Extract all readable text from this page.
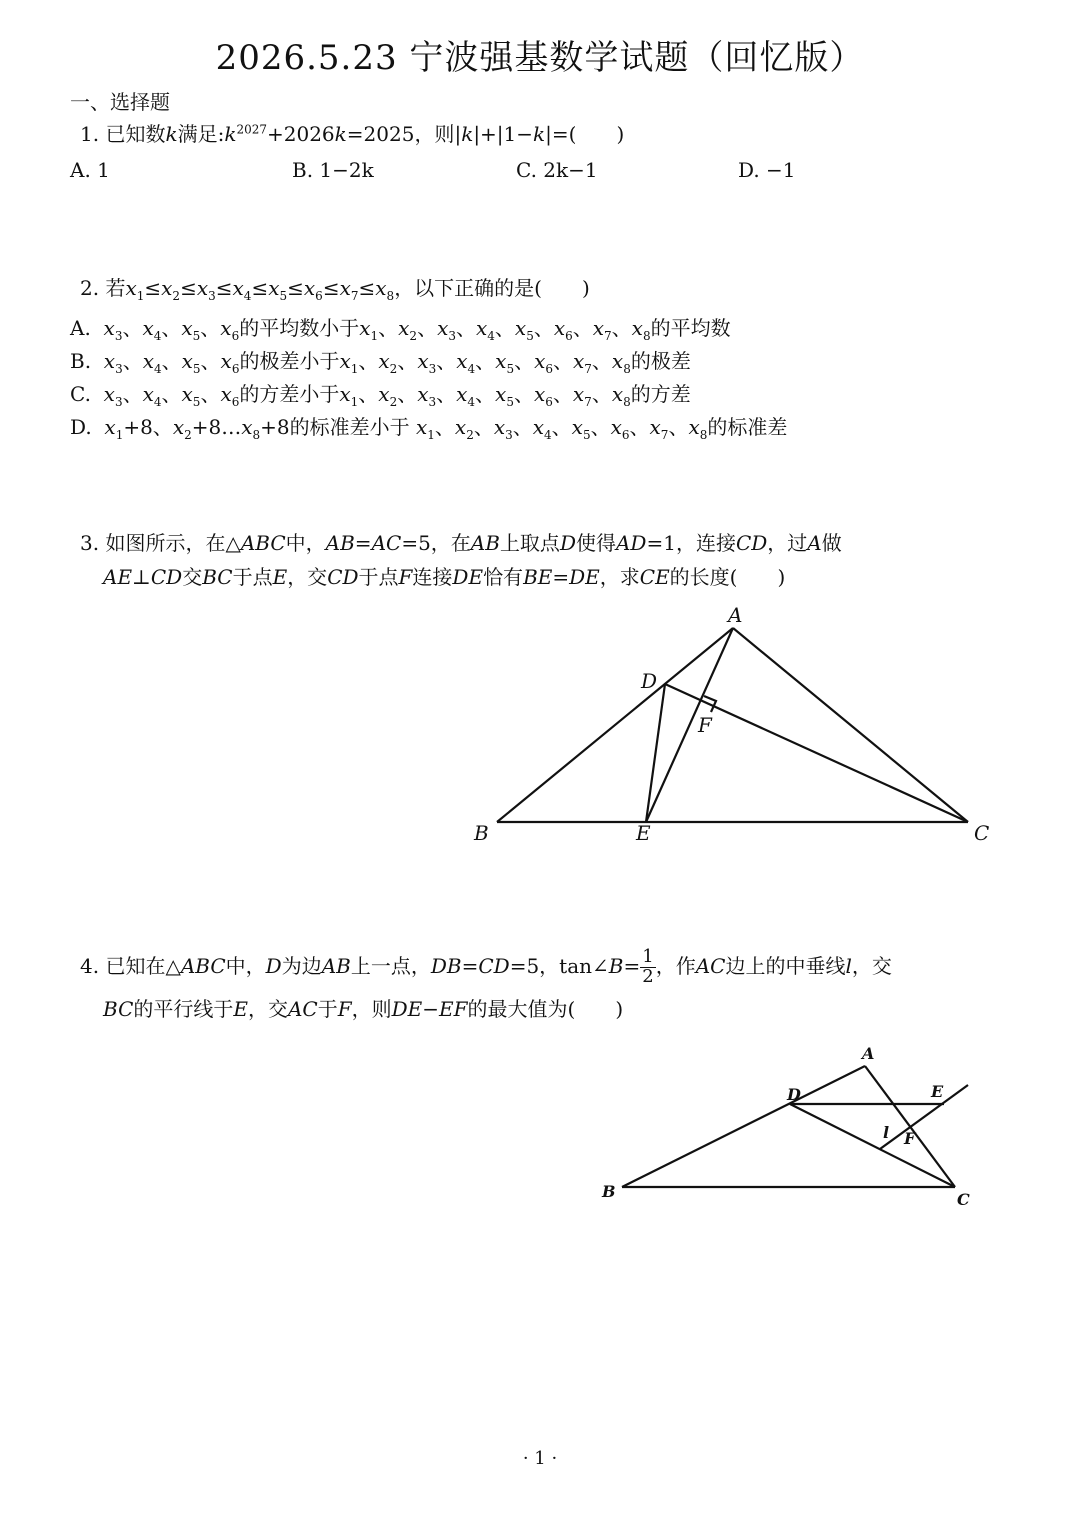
2026.5.23 宁波强基数学试题（回忆版）
一、选择题
1. 已知数k满足$:k^{2027}+2026k=2025$，则|k|+|1−k|=(　　)
A. 1	B. 1−2k	C. 2k−1	D. −1
2. 若$x_1\le x_2\le x_3\le x_4\le x_5\le x_6\le x_7\le x_8$，以下正确的是(　　)
A. $x_3$、$x_4$、$x_5$、$x_6$的平均数小于$x_1$、$x_2$、$x_3$、$x_4$、$x_5$、$x_6$、$x_7$、$x_8$的平均数
B. $x_3$、$x_4$、$x_5$、$x_6$的极差小于$x_1$、$x_2$、$x_3$、$x_4$、$x_5$、$x_6$、$x_7$、$x_8$的极差
C. $x_3$、$x_4$、$x_5$、$x_6$的方差小于$x_1$、$x_2$、$x_3$、$x_4$、$x_5$、$x_6$、$x_7$、$x_8$的方差
D. $x_1+8$、$x_2+8\dots x_8+8$的标准差小于 $x_1$、$x_2$、$x_3$、$x_4$、$x_5$、$x_6$、$x_7$、$x_8$的标准差
3. 如图所示，在△ABC中，AB=AC=5，在AB上取点D使得AD=1，连接CD，过A做
AE⊥CD交BC于点E，交CD于点F连接DE恰有BE=DE，求CE的长度(　　)
A
B	C
D
E
F
4. 已知在△ABC中，D为边AB上一点，DB=CD=5，tan∠B= $\frac{1}{2}$ ，作AC边上的中垂线l，交
BC的平行线于E，交AC于F，则DE−EF的最大值为(　　)
A
B	C
D	E
F
l
· 1 ·
